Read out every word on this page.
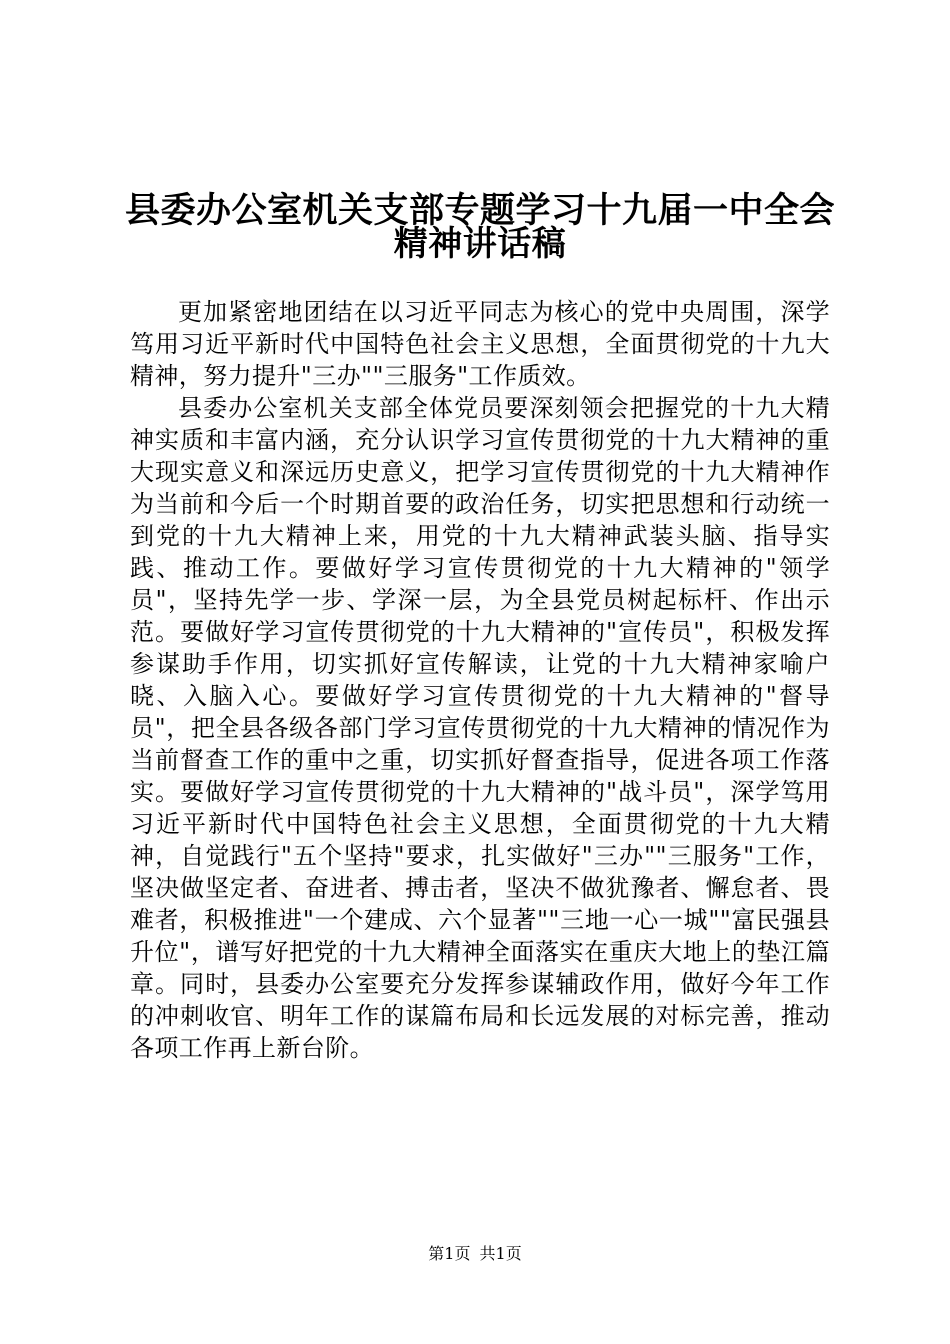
县委办公室机关支部专题学习十九届一中全会
精神讲话稿

更加紧密地团结在以习近平同志为核心的党中央周围，深学笃用习近平新时代中国特色社会主义思想，全面贯彻党的十九大精神，努力提升"三办""三服务"工作质效。

县委办公室机关支部全体党员要深刻领会把握党的十九大精神实质和丰富内涵，充分认识学习宣传贯彻党的十九大精神的重大现实意义和深远历史意义，把学习宣传贯彻党的十九大精神作为当前和今后一个时期首要的政治任务，切实把思想和行动统一到党的十九大精神上来，用党的十九大精神武装头脑、指导实践、推动工作。要做好学习宣传贯彻党的十九大精神的"领学员"，坚持先学一步、学深一层，为全县党员树起标杆、作出示范。要做好学习宣传贯彻党的十九大精神的"宣传员"，积极发挥参谋助手作用，切实抓好宣传解读，让党的十九大精神家喻户晓、入脑入心。要做好学习宣传贯彻党的十九大精神的"督导员"，把全县各级各部门学习宣传贯彻党的十九大精神的情况作为当前督查工作的重中之重，切实抓好督查指导，促进各项工作落实。要做好学习宣传贯彻党的十九大精神的"战斗员"，深学笃用习近平新时代中国特色社会主义思想，全面贯彻党的十九大精神，自觉践行"五个坚持"要求，扎实做好"三办""三服务"工作，坚决做坚定者、奋进者、搏击者，坚决不做犹豫者、懈怠者、畏难者，积极推进"一个建成、六个显著""三地一心一城""富民强县升位"，谱写好把党的十九大精神全面落实在重庆大地上的垫江篇章。同时，县委办公室要充分发挥参谋辅政作用，做好今年工作的冲刺收官、明年工作的谋篇布局和长远发展的对标完善，推动各项工作再上新台阶。

第1页 共1页
